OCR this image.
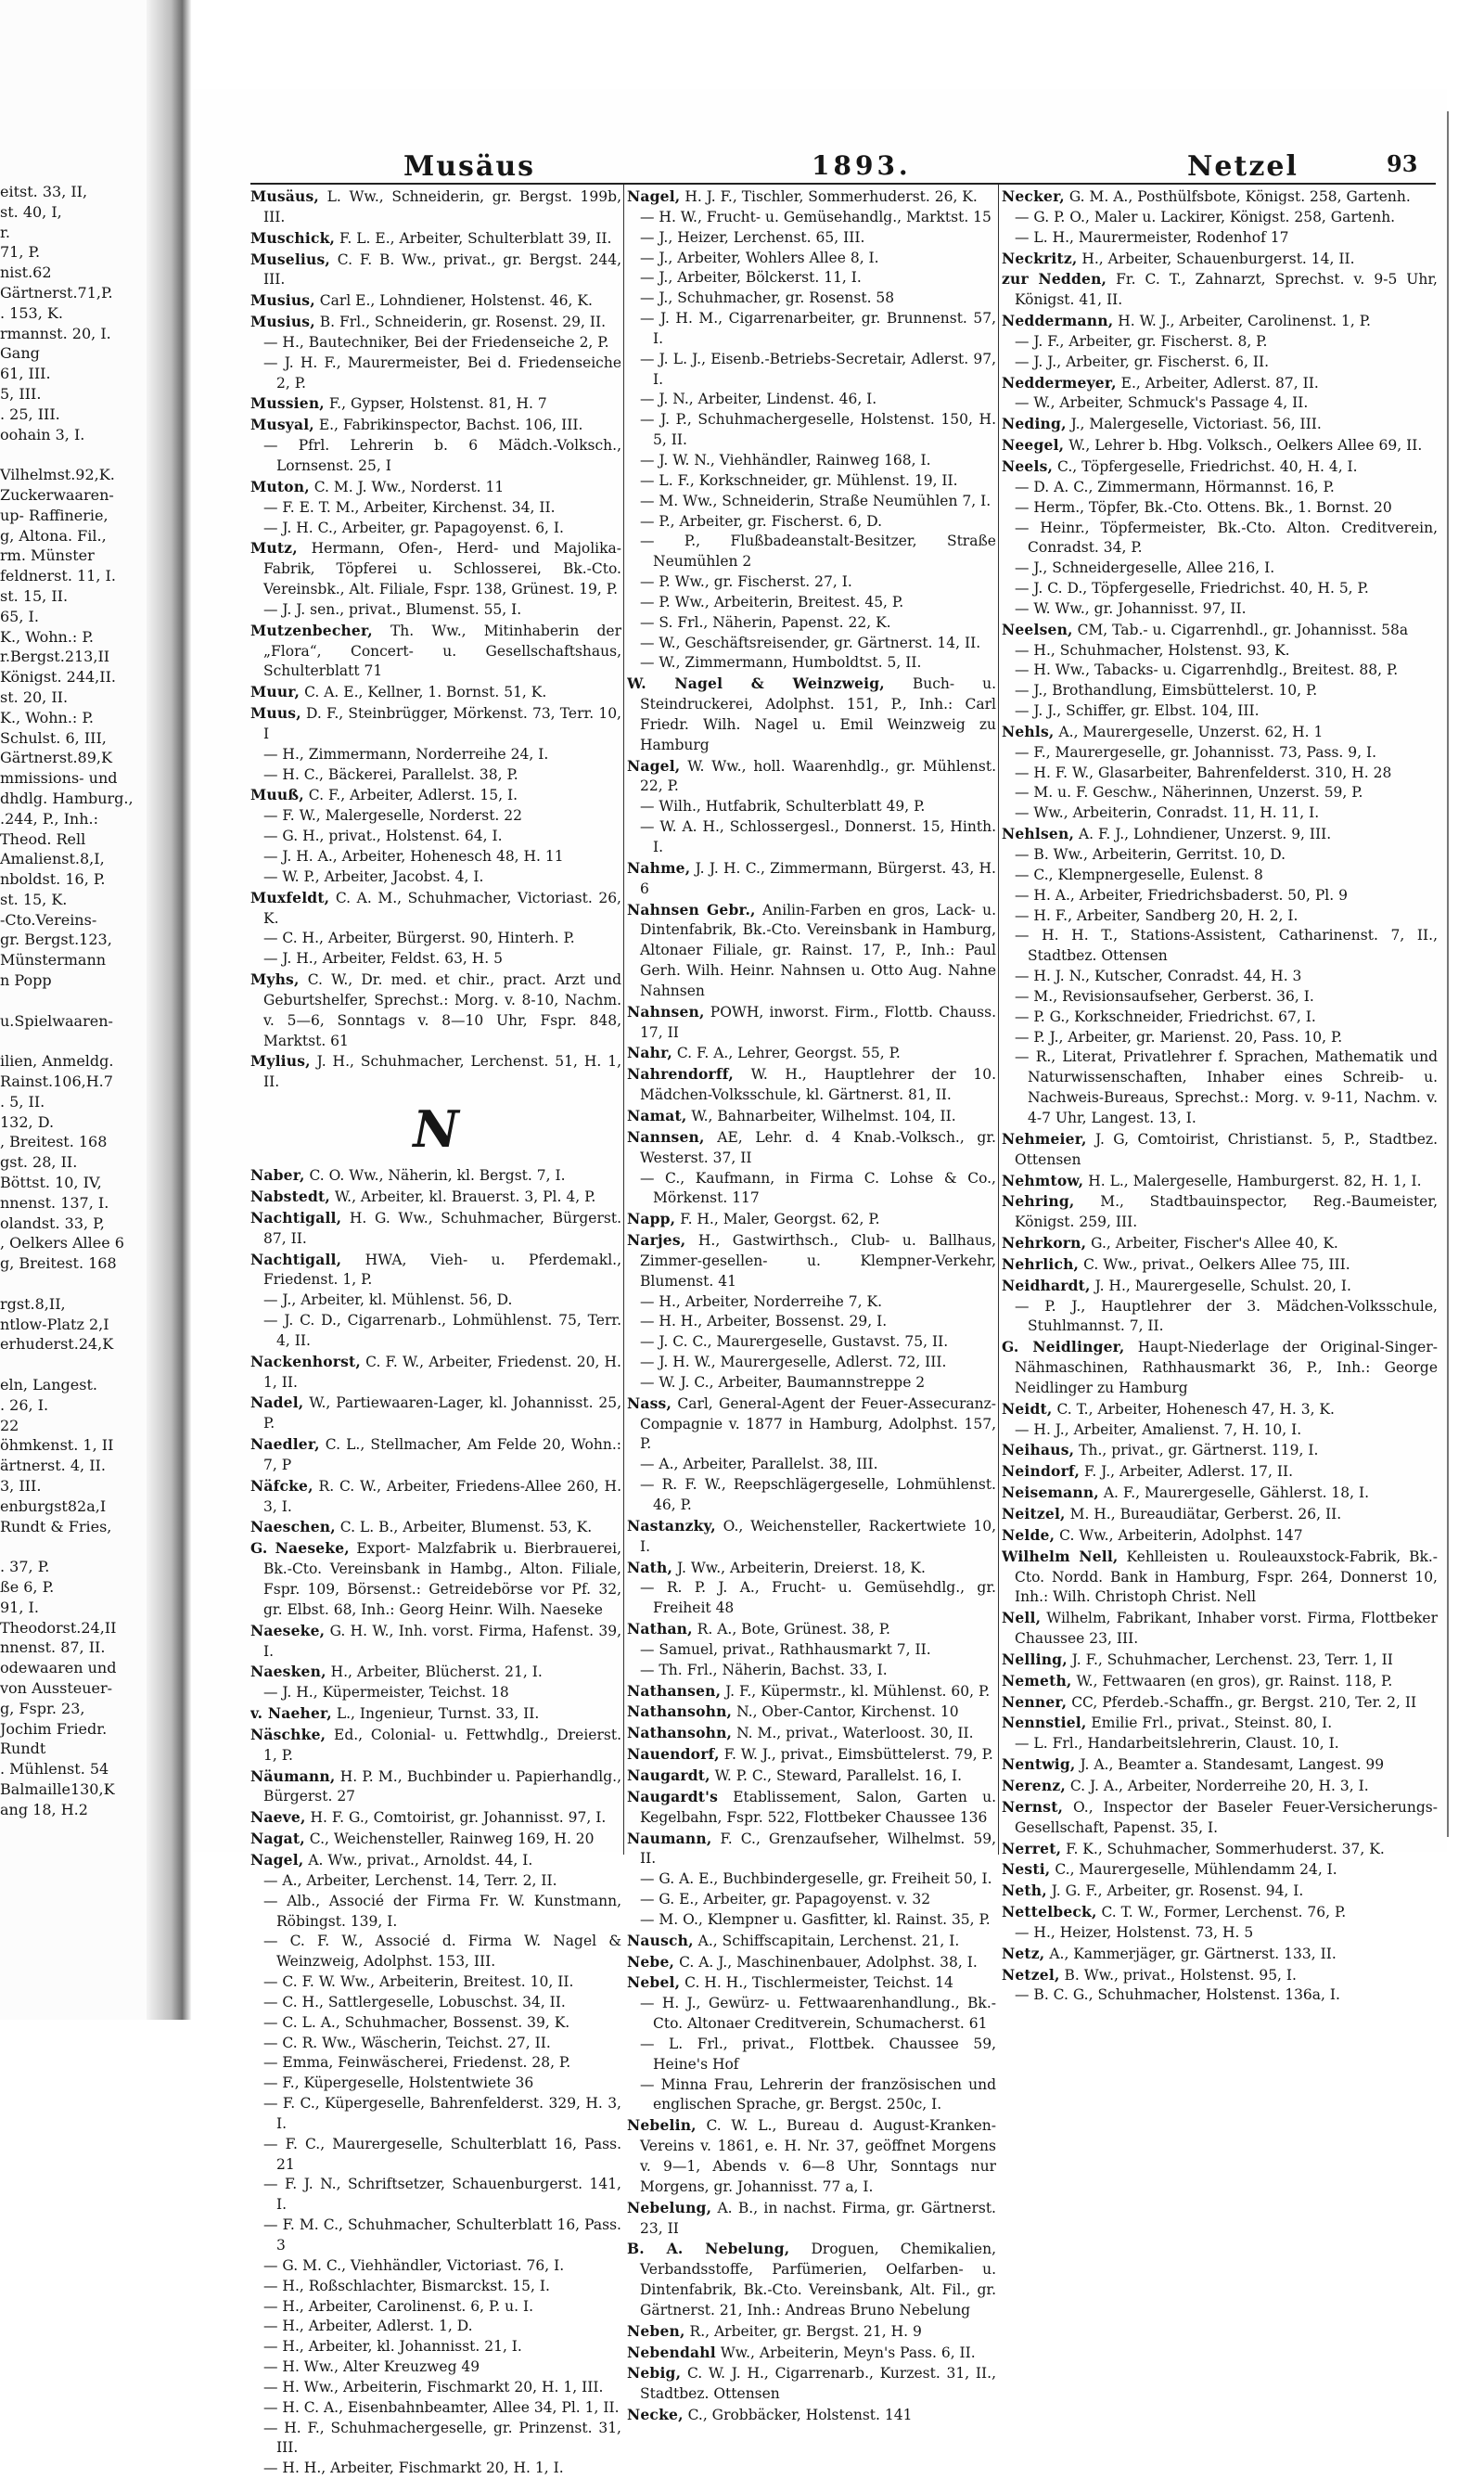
eitst. 33, II,
st. 40, I,
r.
71, P.
nist.62
Gärtnerst.71,P.
. 153, K.
rmannst. 20, I.
Gang
61, III.
5, III.
. 25, III.
oohain 3, I.

Vilhelmst.92,K.
Zuckerwaaren-
up- Raffinerie,
g, Altona. Fil.,
rm. Münster
feldnerst. 11, I.
st. 15, II.
65, I.
K., Wohn.: P.
r.Bergst.213,II
Königst. 244,II.
st. 20, II.
K., Wohn.: P.
Schulst. 6, III,
Gärtnerst.89,K
mmissions- und
dhdlg. Hamburg.,
.244, P., Inh.:
Theod. Rell
Amalienst.8,I,
nboldst. 16, P.
st. 15, K.
-Cto.Vereins-
gr. Bergst.123,
Münstermann
n Popp

u.Spielwaaren-

ilien, Anmeldg.
Rainst.106,H.7
. 5, II.
132, D.
, Breitest. 168
gst. 28, II.
Böttst. 10, IV,
nnenst. 137, I.
olandst. 33, P,
, Oelkers Allee 6
g, Breitest. 168

rgst.8,II,
ntlow-Platz 2,I
erhuderst.24,K

eln, Langest.
. 26, I.
22
öhmkenst. 1, II
ärtnerst. 4, II.
3, III.
enburgst82a,I
Rundt & Fries,

. 37, P.
ße 6, P.
91, I.
Theodorst.24,II
nnenst. 87, II.
odewaaren und
von Aussteuer-
g, Fspr. 23,
Jochim Friedr.
Rundt
. Mühlenst. 54
Balmaille130,K
ang 18, H.2
Musäus	1893.	Netzel	93
Musäus, L. Ww., Schneiderin, gr. Bergst. 199b, III.
Muschick, F. L. E., Arbeiter, Schulterblatt 39, II.
Muselius, C. F. B. Ww., privat., gr. Bergst. 244, III.
Musius, Carl E., Lohndiener, Holstenst. 46, K.
Musius, B. Frl., Schneiderin, gr. Rosenst. 29, II.
— H., Bautechniker, Bei der Friedenseiche 2, P.
— J. H. F., Maurermeister, Bei d. Friedenseiche 2, P.
Mussien, F., Gypser, Holstenst. 81, H. 7
Musyal, E., Fabrikinspector, Bachst. 106, III.
— Pfrl. Lehrerin b. 6 Mädch.-Volksch., Lornsenst. 25, I
Muton, C. M. J. Ww., Norderst. 11
— F. E. T. M., Arbeiter, Kirchenst. 34, II.
— J. H. C., Arbeiter, gr. Papagoyenst. 6, I.
Mutz, Hermann, Ofen-, Herd- und Majolika-Fabrik, Töpferei u. Schlosserei, Bk.-Cto. Vereinsbk., Alt. Filiale, Fspr. 138, Grünest. 19, P.
— J. J. sen., privat., Blumenst. 55, I.
Mutzenbecher, Th. Ww., Mitinhaberin der „Flora“, Concert- u. Gesellschaftshaus, Schulterblatt 71
Muur, C. A. E., Kellner, 1. Bornst. 51, K.
Muus, D. F., Steinbrügger, Mörkenst. 73, Terr. 10, I
— H., Zimmermann, Norderreihe 24, I.
— H. C., Bäckerei, Parallelst. 38, P.
Muuß, C. F., Arbeiter, Adlerst. 15, I.
— F. W., Malergeselle, Norderst. 22
— G. H., privat., Holstenst. 64, I.
— J. H. A., Arbeiter, Hohenesch 48, H. 11
— W. P., Arbeiter, Jacobst. 4, I.
Muxfeldt, C. A. M., Schuhmacher, Victoriast. 26, K.
— C. H., Arbeiter, Bürgerst. 90, Hinterh. P.
— J. H., Arbeiter, Feldst. 63, H. 5
Myhs, C. W., Dr. med. et chir., pract. Arzt und Geburtshelfer, Sprechst.: Morg. v. 8-10, Nachm. v. 5—6, Sonntags v. 8—10 Uhr, Fspr. 848, Marktst. 61
Mylius, J. H., Schuhmacher, Lerchenst. 51, H. 1, II.
N
Naber, C. O. Ww., Näherin, kl. Bergst. 7, I.
Nabstedt, W., Arbeiter, kl. Brauerst. 3, Pl. 4, P.
Nachtigall, H. G. Ww., Schuhmacher, Bürgerst. 87, II.
Nachtigall, HWA, Vieh- u. Pferdemakl., Friedenst. 1, P.
— J., Arbeiter, kl. Mühlenst. 56, D.
— J. C. D., Cigarrenarb., Lohmühlenst. 75, Terr. 4, II.
Nackenhorst, C. F. W., Arbeiter, Friedenst. 20, H. 1, II.
Nadel, W., Partiewaaren-Lager, kl. Johannisst. 25, P.
Naedler, C. L., Stellmacher, Am Felde 20, Wohn.: 7, P
Näfcke, R. C. W., Arbeiter, Friedens-Allee 260, H. 3, I.
Naeschen, C. L. B., Arbeiter, Blumenst. 53, K.
G. Naeseke, Export- Malzfabrik u. Bierbrauerei, Bk.-Cto. Vereinsbank in Hambg., Alton. Filiale, Fspr. 109, Börsenst.: Getreidebörse vor Pf. 32, gr. Elbst. 68, Inh.: Georg Heinr. Wilh. Naeseke
Naeseke, G. H. W., Inh. vorst. Firma, Hafenst. 39, I.
Naesken, H., Arbeiter, Blücherst. 21, I.
— J. H., Küpermeister, Teichst. 18
v. Naeher, L., Ingenieur, Turnst. 33, II.
Näschke, Ed., Colonial- u. Fettwhdlg., Dreierst. 1, P.
Näumann, H. P. M., Buchbinder u. Papierhandlg., Bürgerst. 27
Naeve, H. F. G., Comtoirist, gr. Johannisst. 97, I.
Nagat, C., Weichensteller, Rainweg 169, H. 20
Nagel, A. Ww., privat., Arnoldst. 44, I.
— A., Arbeiter, Lerchenst. 14, Terr. 2, II.
— Alb., Associé der Firma Fr. W. Kunstmann, Röbingst. 139, I.
— C. F. W., Associé d. Firma W. Nagel & Weinzweig, Adolphst. 153, III.
— C. F. W. Ww., Arbeiterin, Breitest. 10, II.
— C. H., Sattlergeselle, Lobuschst. 34, II.
— C. L. A., Schuhmacher, Bossenst. 39, K.
— C. R. Ww., Wäscherin, Teichst. 27, II.
— Emma, Feinwäscherei, Friedenst. 28, P.
— F., Küpergeselle, Holstentwiete 36
— F. C., Küpergeselle, Bahrenfelderst. 329, H. 3, I.
— F. C., Maurergeselle, Schulterblatt 16, Pass. 21
— F. J. N., Schriftsetzer, Schauenburgerst. 141, I.
— F. M. C., Schuhmacher, Schulterblatt 16, Pass. 3
— G. M. C., Viehhändler, Victoriast. 76, I.
— H., Roßschlachter, Bismarckst. 15, I.
— H., Arbeiter, Carolinenst. 6, P. u. I.
— H., Arbeiter, Adlerst. 1, D.
— H., Arbeiter, kl. Johannisst. 21, I.
— H. Ww., Alter Kreuzweg 49
— H. Ww., Arbeiterin, Fischmarkt 20, H. 1, III.
— H. C. A., Eisenbahnbeamter, Allee 34, Pl. 1, II.
— H. F., Schuhmachergeselle, gr. Prinzenst. 31, III.
— H. H., Arbeiter, Fischmarkt 20, H. 1, I.
Nagel, H. J. F., Tischler, Sommerhuderst. 26, K.
— H. W., Frucht- u. Gemüsehandlg., Marktst. 15
— J., Heizer, Lerchenst. 65, III.
— J., Arbeiter, Wohlers Allee 8, I.
— J., Arbeiter, Bölckerst. 11, I.
— J., Schuhmacher, gr. Rosenst. 58
— J. H. M., Cigarrenarbeiter, gr. Brunnenst. 57, I.
— J. L. J., Eisenb.-Betriebs-Secretair, Adlerst. 97, I.
— J. N., Arbeiter, Lindenst. 46, I.
— J. P., Schuhmachergeselle, Holstenst. 150, H. 5, II.
— J. W. N., Viehhändler, Rainweg 168, I.
— L. F., Korkschneider, gr. Mühlenst. 19, II.
— M. Ww., Schneiderin, Straße Neumühlen 7, I.
— P., Arbeiter, gr. Fischerst. 6, D.
— P., Flußbadeanstalt-Besitzer, Straße Neumühlen 2
— P. Ww., gr. Fischerst. 27, I.
— P. Ww., Arbeiterin, Breitest. 45, P.
— S. Frl., Näherin, Papenst. 22, K.
— W., Geschäftsreisender, gr. Gärtnerst. 14, II.
— W., Zimmermann, Humboldtst. 5, II.
W. Nagel & Weinzweig, Buch- u. Steindruckerei, Adolphst. 151, P., Inh.: Carl Friedr. Wilh. Nagel u. Emil Weinzweig zu Hamburg
Nagel, W. Ww., holl. Waarenhdlg., gr. Mühlenst. 22, P.
— Wilh., Hutfabrik, Schulterblatt 49, P.
— W. A. H., Schlossergesl., Donnerst. 15, Hinth. I.
Nahme, J. J. H. C., Zimmermann, Bürgerst. 43, H. 6
Nahnsen Gebr., Anilin-Farben en gros, Lack- u. Dintenfabrik, Bk.-Cto. Vereinsbank in Hamburg, Altonaer Filiale, gr. Rainst. 17, P., Inh.: Paul Gerh. Wilh. Heinr. Nahnsen u. Otto Aug. Nahne Nahnsen
Nahnsen, POWH, inworst. Firm., Flottb. Chauss. 17, II
Nahr, C. F. A., Lehrer, Georgst. 55, P.
Nahrendorff, W. H., Hauptlehrer der 10. Mädchen-Volksschule, kl. Gärtnerst. 81, II.
Namat, W., Bahnarbeiter, Wilhelmst. 104, II.
Nannsen, AE, Lehr. d. 4 Knab.-Volksch., gr. Westerst. 37, II
— C., Kaufmann, in Firma C. Lohse & Co., Mörkenst. 117
Napp, F. H., Maler, Georgst. 62, P.
Narjes, H., Gastwirthsch., Club- u. Ballhaus, Zimmer-gesellen- u. Klempner-Verkehr, Blumenst. 41
— H., Arbeiter, Norderreihe 7, K.
— H. H., Arbeiter, Bossenst. 29, I.
— J. C. C., Maurergeselle, Gustavst. 75, II.
— J. H. W., Maurergeselle, Adlerst. 72, III.
— W. J. C., Arbeiter, Baumannstreppe 2
Nass, Carl, General-Agent der Feuer-Assecuranz-Compagnie v. 1877 in Hamburg, Adolphst. 157, P.
— A., Arbeiter, Parallelst. 38, III.
— R. F. W., Reepschlägergeselle, Lohmühlenst. 46, P.
Nastanzky, O., Weichensteller, Rackertwiete 10, I.
Nath, J. Ww., Arbeiterin, Dreierst. 18, K.
— R. P. J. A., Frucht- u. Gemüsehdlg., gr. Freiheit 48
Nathan, R. A., Bote, Grünest. 38, P.
— Samuel, privat., Rathhausmarkt 7, II.
— Th. Frl., Näherin, Bachst. 33, I.
Nathansen, J. F., Küpermstr., kl. Mühlenst. 60, P.
Nathansohn, N., Ober-Cantor, Kirchenst. 10
Nathansohn, N. M., privat., Waterloost. 30, II.
Nauendorf, F. W. J., privat., Eimsbüttelerst. 79, P.
Naugardt, W. P. C., Steward, Parallelst. 16, I.
Naugardt's Etablissement, Salon, Garten u. Kegelbahn, Fspr. 522, Flottbeker Chaussee 136
Naumann, F. C., Grenzaufseher, Wilhelmst. 59, II.
— G. A. E., Buchbindergeselle, gr. Freiheit 50, I.
— G. E., Arbeiter, gr. Papagoyenst. v. 32
— M. O., Klempner u. Gasfitter, kl. Rainst. 35, P.
Nausch, A., Schiffscapitain, Lerchenst. 21, I.
Nebe, C. A. J., Maschinenbauer, Adolphst. 38, I.
Nebel, C. H. H., Tischlermeister, Teichst. 14
— H. J., Gewürz- u. Fettwaarenhandlung., Bk.-Cto. Altonaer Creditverein, Schumacherst. 61
— L. Frl., privat., Flottbek. Chaussee 59, Heine's Hof
— Minna Frau, Lehrerin der französischen und englischen Sprache, gr. Bergst. 250c, I.
Nebelin, C. W. L., Bureau d. August-Kranken-Vereins v. 1861, e. H. Nr. 37, geöffnet Morgens v. 9—1, Abends v. 6—8 Uhr, Sonntags nur Morgens, gr. Johannisst. 77 a, I.
Nebelung, A. B., in nachst. Firma, gr. Gärtnerst. 23, II
B. A. Nebelung, Droguen, Chemikalien, Verbandsstoffe, Parfümerien, Oelfarben- u. Dintenfabrik, Bk.-Cto. Vereinsbank, Alt. Fil., gr. Gärtnerst. 21, Inh.: Andreas Bruno Nebelung
Neben, R., Arbeiter, gr. Bergst. 21, H. 9
Nebendahl Ww., Arbeiterin, Meyn's Pass. 6, II.
Nebig, C. W. J. H., Cigarrenarb., Kurzest. 31, II., Stadtbez. Ottensen
Necke, C., Grobbäcker, Holstenst. 141
Necker, G. M. A., Posthülfsbote, Königst. 258, Gartenh.
— G. P. O., Maler u. Lackirer, Königst. 258, Gartenh.
— L. H., Maurermeister, Rodenhof 17
Neckritz, H., Arbeiter, Schauenburgerst. 14, II.
zur Nedden, Fr. C. T., Zahnarzt, Sprechst. v. 9-5 Uhr, Königst. 41, II.
Neddermann, H. W. J., Arbeiter, Carolinenst. 1, P.
— J. F., Arbeiter, gr. Fischerst. 8, P.
— J. J., Arbeiter, gr. Fischerst. 6, II.
Neddermeyer, E., Arbeiter, Adlerst. 87, II.
— W., Arbeiter, Schmuck's Passage 4, II.
Neding, J., Malergeselle, Victoriast. 56, III.
Neegel, W., Lehrer b. Hbg. Volksch., Oelkers Allee 69, II.
Neels, C., Töpfergeselle, Friedrichst. 40, H. 4, I.
— D. A. C., Zimmermann, Hörmannst. 16, P.
— Herm., Töpfer, Bk.-Cto. Ottens. Bk., 1. Bornst. 20
— Heinr., Töpfermeister, Bk.-Cto. Alton. Creditverein, Conradst. 34, P.
— J., Schneidergeselle, Allee 216, I.
— J. C. D., Töpfergeselle, Friedrichst. 40, H. 5, P.
— W. Ww., gr. Johannisst. 97, II.
Neelsen, CM, Tab.- u. Cigarrenhdl., gr. Johannisst. 58a
— H., Schuhmacher, Holstenst. 93, K.
— H. Ww., Tabacks- u. Cigarrenhdlg., Breitest. 88, P.
— J., Brothandlung, Eimsbüttelerst. 10, P.
— J. J., Schiffer, gr. Elbst. 104, III.
Nehls, A., Maurergeselle, Unzerst. 62, H. 1
— F., Maurergeselle, gr. Johannisst. 73, Pass. 9, I.
— H. F. W., Glasarbeiter, Bahrenfelderst. 310, H. 28
— M. u. F. Geschw., Näherinnen, Unzerst. 59, P.
— Ww., Arbeiterin, Conradst. 11, H. 11, I.
Nehlsen, A. F. J., Lohndiener, Unzerst. 9, III.
— B. Ww., Arbeiterin, Gerritst. 10, D.
— C., Klempnergeselle, Eulenst. 8
— H. A., Arbeiter, Friedrichsbaderst. 50, Pl. 9
— H. F., Arbeiter, Sandberg 20, H. 2, I.
— H. H. T., Stations-Assistent, Catharinenst. 7, II., Stadtbez. Ottensen
— H. J. N., Kutscher, Conradst. 44, H. 3
— M., Revisionsaufseher, Gerberst. 36, I.
— P. G., Korkschneider, Friedrichst. 67, I.
— P. J., Arbeiter, gr. Marienst. 20, Pass. 10, P.
— R., Literat, Privatlehrer f. Sprachen, Mathematik und Naturwissenschaften, Inhaber eines Schreib- u. Nachweis-Bureaus, Sprechst.: Morg. v. 9-11, Nachm. v. 4-7 Uhr, Langest. 13, I.
Nehmeier, J. G, Comtoirist, Christianst. 5, P., Stadtbez. Ottensen
Nehmtow, H. L., Malergeselle, Hamburgerst. 82, H. 1, I.
Nehring, M., Stadtbauinspector, Reg.-Baumeister, Königst. 259, III.
Nehrkorn, G., Arbeiter, Fischer's Allee 40, K.
Nehrlich, C. Ww., privat., Oelkers Allee 75, III.
Neidhardt, J. H., Maurergeselle, Schulst. 20, I.
— P. J., Hauptlehrer der 3. Mädchen-Volksschule, Stuhlmannst. 7, II.
G. Neidlinger, Haupt-Niederlage der Original-Singer-Nähmaschinen, Rathhausmarkt 36, P., Inh.: George Neidlinger zu Hamburg
Neidt, C. T., Arbeiter, Hohenesch 47, H. 3, K.
— H. J., Arbeiter, Amalienst. 7, H. 10, I.
Neihaus, Th., privat., gr. Gärtnerst. 119, I.
Neindorf, F. J., Arbeiter, Adlerst. 17, II.
Neisemann, A. F., Maurergeselle, Gählerst. 18, I.
Neitzel, M. H., Bureaudiätar, Gerberst. 26, II.
Nelde, C. Ww., Arbeiterin, Adolphst. 147
Wilhelm Nell, Kehlleisten u. Rouleauxstock-Fabrik, Bk.-Cto. Nordd. Bank in Hamburg, Fspr. 264, Donnerst 10, Inh.: Wilh. Christoph Christ. Nell
Nell, Wilhelm, Fabrikant, Inhaber vorst. Firma, Flottbeker Chaussee 23, III.
Nelling, J. F., Schuhmacher, Lerchenst. 23, Terr. 1, II
Nemeth, W., Fettwaaren (en gros), gr. Rainst. 118, P.
Nenner, CC, Pferdeb.-Schaffn., gr. Bergst. 210, Ter. 2, II
Nennstiel, Emilie Frl., privat., Steinst. 80, I.
— L. Frl., Handarbeitslehrerin, Claust. 10, I.
Nentwig, J. A., Beamter a. Standesamt, Langest. 99
Nerenz, C. J. A., Arbeiter, Norderreihe 20, H. 3, I.
Nernst, O., Inspector der Baseler Feuer-Versicherungs-Gesellschaft, Papenst. 35, I.
Nerret, F. K., Schuhmacher, Sommerhuderst. 37, K.
Nesti, C., Maurergeselle, Mühlendamm 24, I.
Neth, J. G. F., Arbeiter, gr. Rosenst. 94, I.
Nettelbeck, C. T. W., Former, Lerchenst. 76, P.
— H., Heizer, Holstenst. 73, H. 5
Netz, A., Kammerjäger, gr. Gärtnerst. 133, II.
Netzel, B. Ww., privat., Holstenst. 95, I.
— B. C. G., Schuhmacher, Holstenst. 136a, I.
